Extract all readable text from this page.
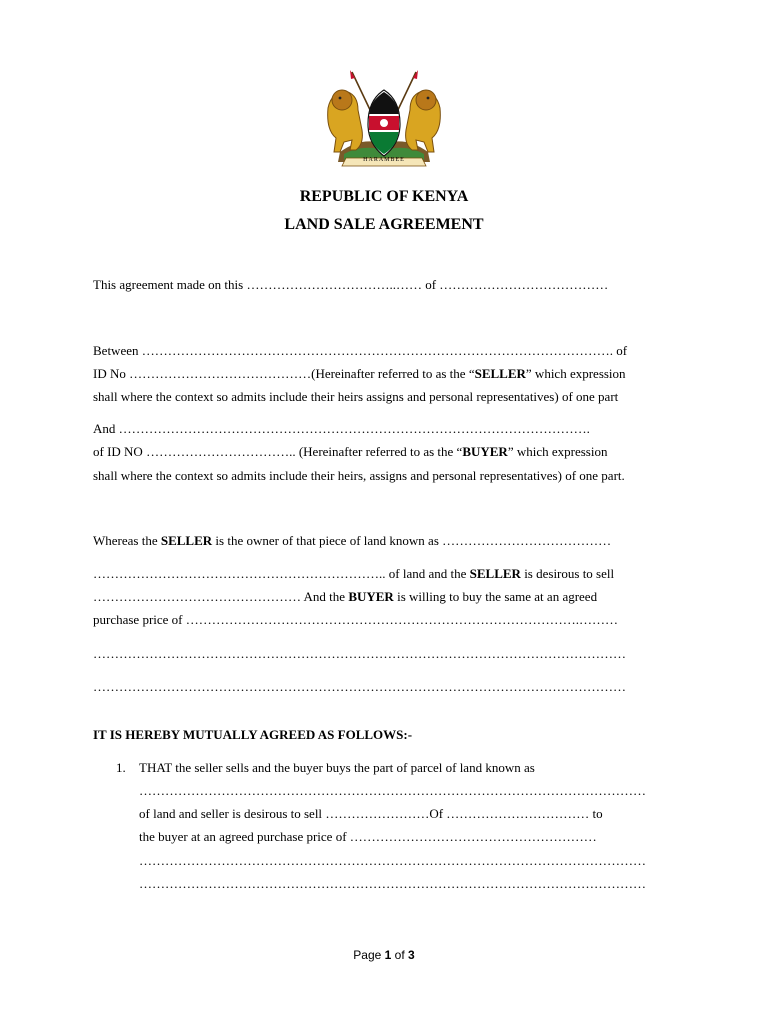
HARAMBEE
REPUBLIC OF KENYA
LAND SALE AGREEMENT
This agreement made on this ……………………………..…… of …………………………………
Between ………………………………………………………………………………………………. of
ID No ……………………………………(Hereinafter referred to as the “SELLER” which expression
shall where the context so admits include their heirs assigns and personal representatives) of one part
And ……………………………………………………………………………………………….
of ID NO …………………………….. (Hereinafter referred to as the “BUYER” which expression
shall where the context so admits include their heirs, assigns and personal representatives) of one part.
Whereas the SELLER is the owner of that piece of land known as …………………………………
………………………………………………………….. of land and the SELLER is desirous to sell
………………………………………… And the BUYER is willing to buy the same at an agreed
purchase price of ……………………………………………………………………………….………
……………………………………………………………………………………………………………
……………………………………………………………………………………………………………
IT IS HEREBY MUTUALLY AGREED AS FOLLOWS:-
1. THAT the seller sells and the buyer buys the part of parcel of land known as
………………………………………………………………………………………………………
of land and seller is desirous to sell ……………………Of …………………………… to
the buyer at an agreed purchase price of …………………………………………………
………………………………………………………………………………………………………
………………………………………………………………………………………………………
Page 1 of 3
